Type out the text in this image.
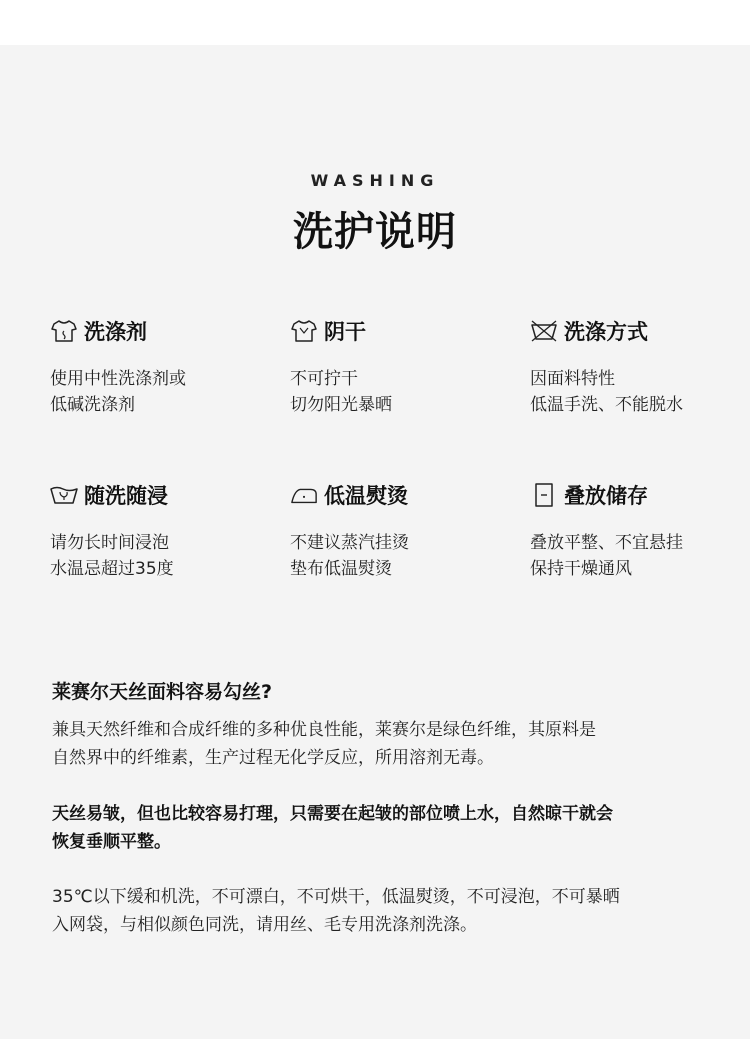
WASHING
洗护说明
洗涤剂
使用中性洗涤剂或
低碱洗涤剂
阴干
不可拧干
切勿阳光暴晒
洗涤方式
因面料特性
低温手洗、不能脱水
随洗随浸
请勿长时间浸泡
水温忌超过35度
低温熨烫
不建议蒸汽挂烫
垫布低温熨烫
叠放储存
叠放平整、不宜悬挂
保持干燥通风
莱赛尔天丝面料容易勾丝?
兼具天然纤维和合成纤维的多种优良性能，莱赛尔是绿色纤维，其原料是
自然界中的纤维素，生产过程无化学反应，所用溶剂无毒。
天丝易皱，但也比较容易打理，只需要在起皱的部位喷上水，自然晾干就会
恢复垂顺平整。
35℃以下缓和机洗，不可漂白，不可烘干，低温熨烫，不可浸泡，不可暴晒
入网袋，与相似颜色同洗，请用丝、毛专用洗涤剂洗涤。
